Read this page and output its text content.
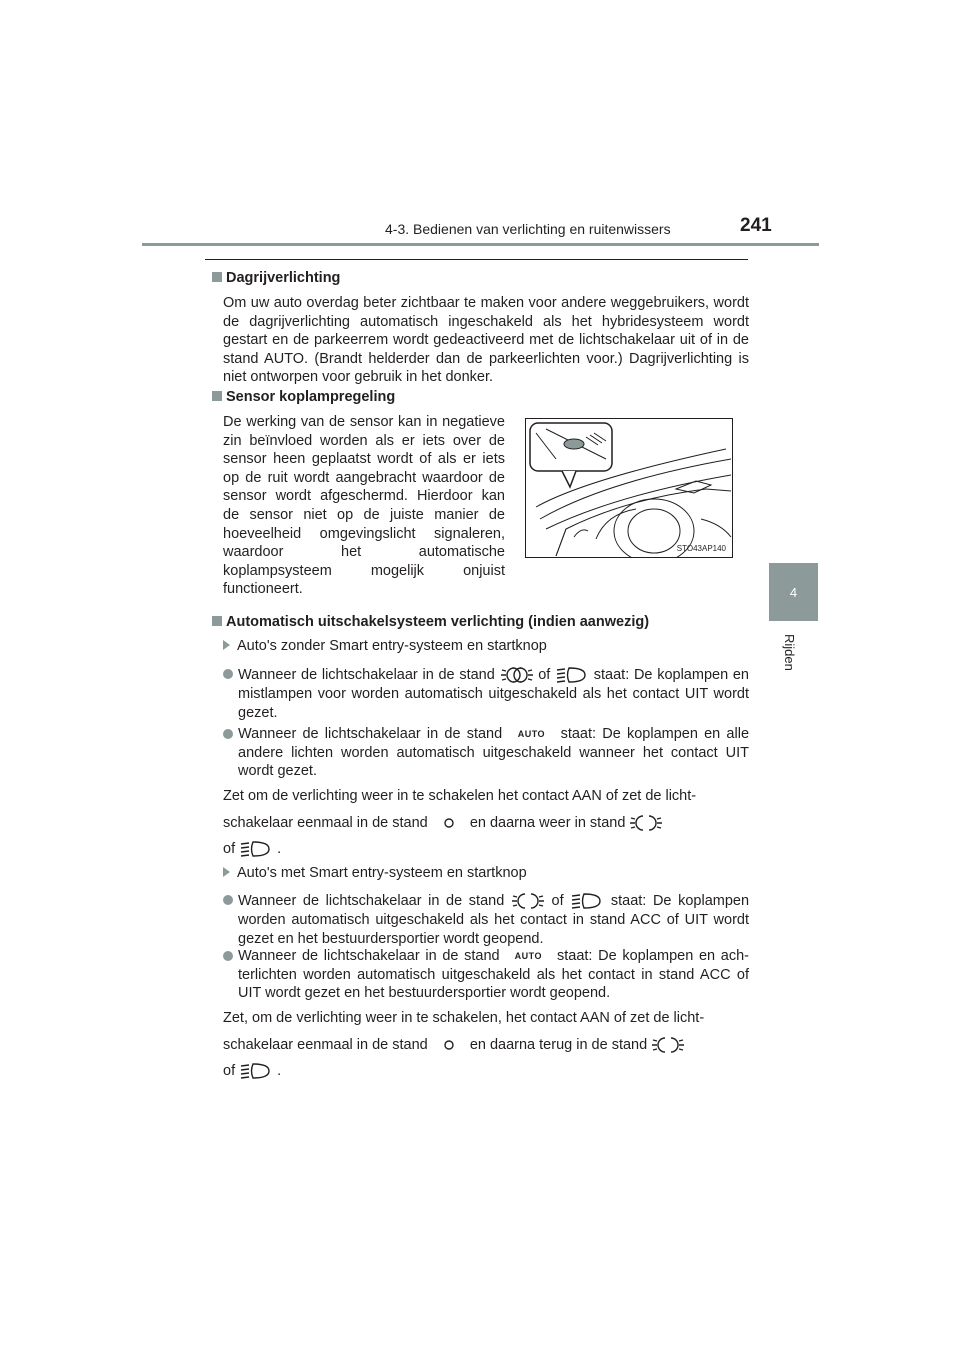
4-3. Bedienen van verlichting en ruitenwissers	241
4
Rijden
Dagrijverlichting
Om uw auto overdag beter zichtbaar te maken voor andere weggebruikers, wordt de dagrijverlichting automatisch ingeschakeld als het hybridesysteem wordt gestart en de parkeerrem wordt gedeactiveerd met de lichtschakelaar uit of in de stand AUTO. (Brandt helderder dan de parkeerlichten voor.) Dagrijverlichting is niet ontworpen voor gebruik in het donker.
Sensor koplampregeling
De werking van de sensor kan in negatieve zin beïnvloed worden als er iets over de sensor heen geplaatst wordt of als er iets op de ruit wordt aangebracht waardoor de sensor wordt afgeschermd. Hierdoor kan de sensor niet op de juiste manier de hoeveelheid omgevingslicht signaleren, waardoor het automatische koplampsysteem mogelijk onjuist functioneert.
STO43AP140
Automatisch uitschakelsysteem verlichting (indien aanwezig)
Auto's zonder Smart entry-systeem en startknop
Wanneer de lichtschakelaar in de stand	of	staat: De koplampen en mistlampen voor worden automatisch uitgeschakeld als het contact UIT wordt gezet.
Wanneer de lichtschakelaar in de stand AUTO staat: De koplampen en alle andere lichten worden automatisch uitgeschakeld wanneer het contact UIT wordt gezet.
Zet om de verlichting weer in te schakelen het contact AAN of zet de licht-
schakelaar eenmaal in de stand	en daarna weer in stand
of	.
Auto's met Smart entry-systeem en startknop
Wanneer de lichtschakelaar in de stand	of	staat: De koplampen worden automatisch uitgeschakeld als het contact in stand ACC of UIT wordt gezet en het bestuurdersportier wordt geopend.
Wanneer de lichtschakelaar in de stand AUTO staat: De koplampen en ach- terlichten worden automatisch uitgeschakeld als het contact in stand ACC of UIT wordt gezet en het bestuurdersportier wordt geopend.
Zet, om de verlichting weer in te schakelen, het contact AAN of zet de licht-
schakelaar eenmaal in de stand	en daarna terug in de stand
of	.
